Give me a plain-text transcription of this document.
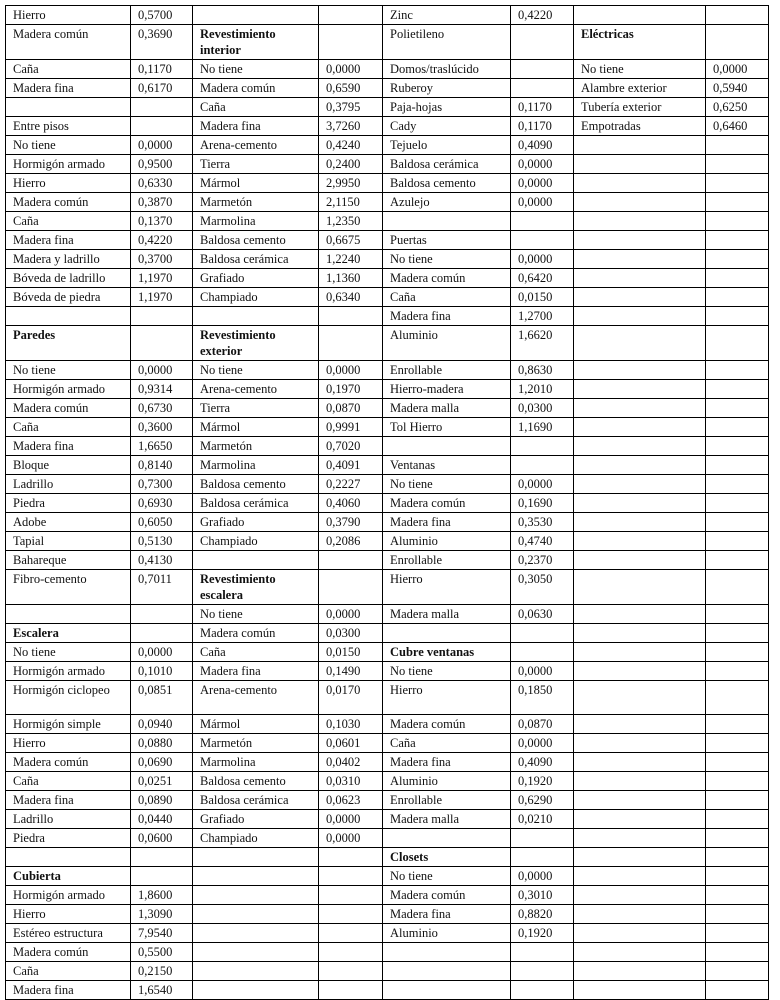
Hierro	0,5700			Zinc	0,4220		
Madera común	0,3690	Revestimiento interior		Polietileno		Eléctricas	
Caña	0,1170	No tiene	0,0000	Domos/traslúcido		No tiene	0,0000
Madera fina	0,6170	Madera común	0,6590	Ruberoy		Alambre exterior	0,5940
		Caña	0,3795	Paja-hojas	0,1170	Tubería exterior	0,6250
Entre pisos		Madera fina	3,7260	Cady	0,1170	Empotradas	0,6460
No tiene	0,0000	Arena-cemento	0,4240	Tejuelo	0,4090		
Hormigón armado	0,9500	Tierra	0,2400	Baldosa cerámica	0,0000		
Hierro	0,6330	Mármol	2,9950	Baldosa cemento	0,0000		
Madera común	0,3870	Marmetón	2,1150	Azulejo	0,0000		
Caña	0,1370	Marmolina	1,2350				
Madera fina	0,4220	Baldosa cemento	0,6675	Puertas			
Madera y ladrillo	0,3700	Baldosa cerámica	1,2240	No tiene	0,0000		
Bóveda de ladrillo	1,1970	Grafiado	1,1360	Madera común	0,6420		
Bóveda de piedra	1,1970	Champiado	0,6340	Caña	0,0150		
				Madera fina	1,2700		
Paredes		Revestimiento exterior		Aluminio	1,6620		
No tiene	0,0000	No tiene	0,0000	Enrollable	0,8630		
Hormigón armado	0,9314	Arena-cemento	0,1970	Hierro-madera	1,2010		
Madera común	0,6730	Tierra	0,0870	Madera malla	0,0300		
Caña	0,3600	Mármol	0,9991	Tol Hierro	1,1690		
Madera fina	1,6650	Marmetón	0,7020				
Bloque	0,8140	Marmolina	0,4091	Ventanas			
Ladrillo	0,7300	Baldosa cemento	0,2227	No tiene	0,0000		
Piedra	0,6930	Baldosa cerámica	0,4060	Madera común	0,1690		
Adobe	0,6050	Grafiado	0,3790	Madera fina	0,3530		
Tapial	0,5130	Champiado	0,2086	Aluminio	0,4740		
Bahareque	0,4130			Enrollable	0,2370		
Fibro-cemento	0,7011	Revestimiento escalera		Hierro	0,3050		
		No tiene	0,0000	Madera malla	0,0630		
Escalera		Madera común	0,0300				
No tiene	0,0000	Caña	0,0150	Cubre ventanas			
Hormigón armado	0,1010	Madera fina	0,1490	No tiene	0,0000		
Hormigón ciclopeo	0,0851	Arena-cemento	0,0170	Hierro	0,1850		
Hormigón simple	0,0940	Mármol	0,1030	Madera común	0,0870		
Hierro	0,0880	Marmetón	0,0601	Caña	0,0000		
Madera común	0,0690	Marmolina	0,0402	Madera fina	0,4090		
Caña	0,0251	Baldosa cemento	0,0310	Aluminio	0,1920		
Madera fina	0,0890	Baldosa cerámica	0,0623	Enrollable	0,6290		
Ladrillo	0,0440	Grafiado	0,0000	Madera malla	0,0210		
Piedra	0,0600	Champiado	0,0000				
				Closets			
Cubierta				No tiene	0,0000		
Hormigón armado	1,8600			Madera común	0,3010		
Hierro	1,3090			Madera fina	0,8820		
Estéreo estructura	7,9540			Aluminio	0,1920		
Madera común	0,5500						
Caña	0,2150						
Madera fina	1,6540						
